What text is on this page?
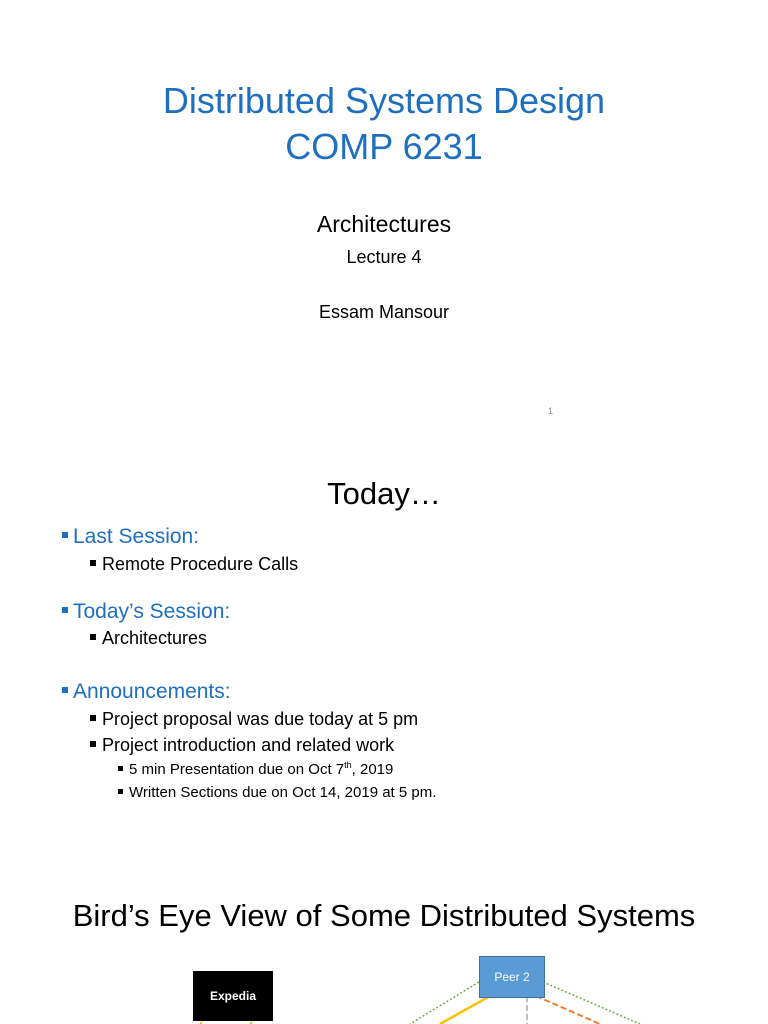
Distributed Systems Design
COMP 6231
Architectures
Lecture 4
Essam Mansour
1
Today…
Last Session:
Remote Procedure Calls
Today’s Session:
Architectures
Announcements:
Project proposal was due today at 5 pm
Project introduction and related work
5 min Presentation due on Oct 7th, 2019
Written Sections due on Oct 14, 2019 at 5 pm.
Bird’s Eye View of Some Distributed Systems
Expedia
Peer 2
